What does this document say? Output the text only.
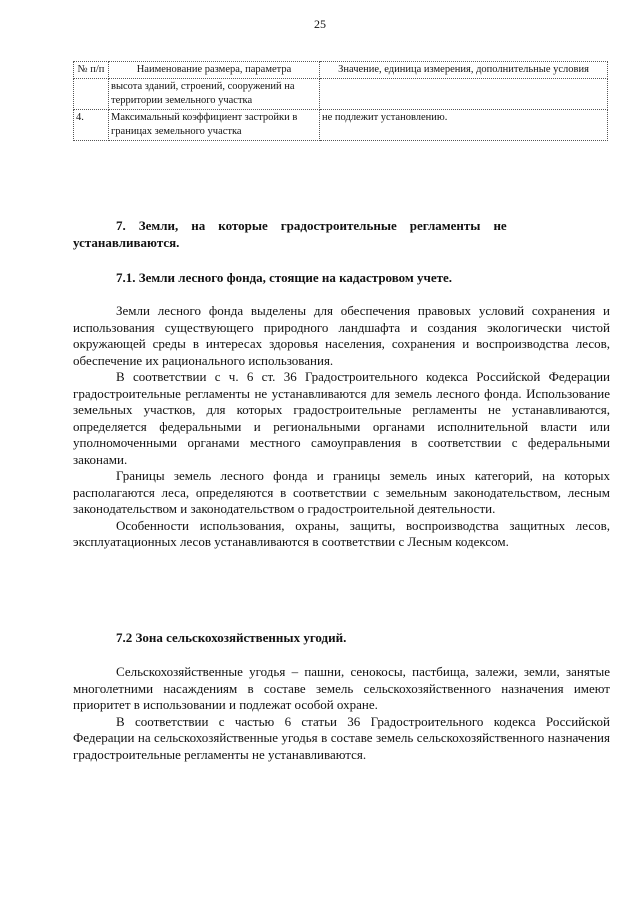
25
№ п/п	Наименование размера, параметра	Значение, единица измерения, дополнительные условия
	высота зданий, строений, сооружений на территории земельного участка	
4.	Максимальный коэффициент застройки в границах земельного участка	не подлежит установлению.
7.    Земли,    на    которые    градостроительные    регламенты    не устанавливаются.
7.1. Земли лесного фонда, стоящие на кадастровом учете.

Земли лесного фонда выделены для обеспечения правовых условий сохранения и использования существующего природного ландшафта и создания экологически чистой окружающей среды в интересах здоровья населения, сохранения и воспроизводства лесов, обеспечение их рационального использования.

В соответствии с ч. 6 ст. 36 Градостроительного кодекса Российской Федерации градостроительные регламенты не устанавливаются для земель лесного фонда. Использование земельных участков, для которых градостроительные регламенты не устанавливаются, определяется федеральными и региональными органами исполнительной власти или уполномоченными органами местного самоуправления в соответствии с федеральными законами.

Границы земель лесного фонда и границы земель иных категорий, на которых располагаются леса, определяются в соответствии с земельным законодательством, лесным законодательством и законодательством о градостроительной деятельности.

Особенности использования, охраны, защиты, воспроизводства защитных лесов, эксплуатационных лесов устанавливаются в соответствии с Лесным кодексом.

7.2 Зона сельскохозяйственных угодий.

Сельскохозяйственные угодья – пашни, сенокосы, пастбища, залежи, земли, занятые многолетними насаждениям в составе земель сельскохозяйственного назначения имеют приоритет в использовании и подлежат особой охране.

В соответствии с частью 6 статьи 36 Градостроительного кодекса Российской Федерации на сельскохозяйственные угодья в составе земель сельскохозяйственного назначения градостроительные регламенты не устанавливаются.
